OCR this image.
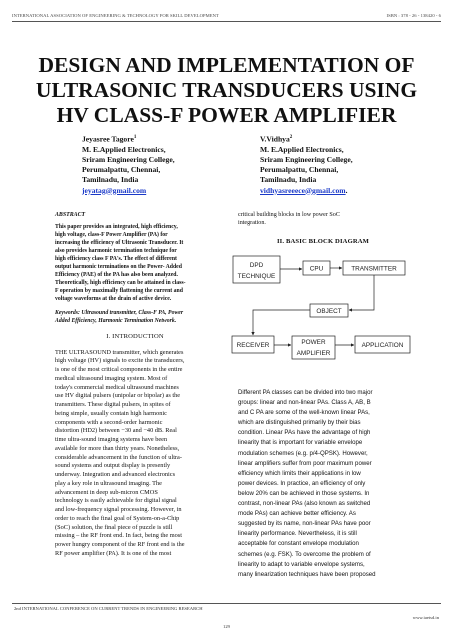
INTERNATIONAL ASSOCIATION OF ENGINEERING & TECHNOLOGY FOR SKILL DEVELOPMENT	ISBN : 378 - 26 - 138420 - 6
DESIGN AND IMPLEMENTATION OF
ULTRASONIC TRANSDUCERS USING
HV CLASS-F POWER AMPLIFIER
Jeyasree Tagore$^1$
M. E.Applied Electronics,
Sriram Engineering College,
Perumalpattu, Chennai,
Tamilnadu, India
jeyatag@gmail.com
V.Vidhya$^2$
M. E.Applied Electronics,
Sriram Engineering College,
Perumalpattu, Chennai,
Tamilnadu, India
vidhyasreeece@gmail.com.
ABSTRACT
This paper provides an integrated, high efficiency,
high voltage, class-F Power Amplifier (PA) for
increasing the efficiency of Ultrasonic Transducer. It
also provides harmonic termination technique for
high efficiency class F PA's. The effect of different
output harmonic terminations on the Power- Added
Efficiency (PAE) of the PA has also been analyzed.
Theoretically, high efficiency can be attained in class-
F operation by maximally flattening the current and
voltage waveforms at the drain of active device.
Keywords: Ultrasound transmitter, Class-F PA, Power
Added Efficiency, Harmonic Termination Network.
I. INTRODUCTION
THE ULTRASOUND transmitter, which generates
high voltage (HV) signals to excite the transducers,
is one of the most critical components in the entire
medical ultrasound imaging system. Most of
today's commercial medical ultrasound machines
use HV digital pulsers (unipolar or bipolar) as the
transmitters. These digital pulsers, in spites of
being simple, usually contain high harmonic
components with a second-order harmonic
distortion (HD2) between −30 and −40 dB. Real
time ultra-sound imaging systems have been
available for more than thirty years. Nonetheless,
considerable advancement in the function of ultra-
sound systems and output display is presently
underway. Integration and advanced electronics
play a key role in ultrasound imaging. The
advancement in deep sub-micron CMOS
technology is easily achievable for digital signal
and low-frequency signal processing. However, in
order to reach the final goal of System-on-a-Chip
(SoC) solution, the final piece of puzzle is still
missing – the RF front end. In fact, being the most
power hungry component of the RF front end is the
RF power amplifier (PA). It is one of the most
critical building blocks in low power SoC
integration.
II. BASIC BLOCK DIAGRAM
DPD
TECHNIQUE
CPU	TRANSMITTER
OBJECT
RECEIVER	POWER
AMPLIFIER
APPLICATION
Different PA classes can be divided into two major
groups: linear and non-linear PAs. Class A, AB, B
and C PA are some of the well-known linear PAs,
which are distinguished primarily by their bias
condition. Linear PAs have the advantage of high
linearity that is important for variable envelope
modulation schemes (e.g. p/4-QPSK). However,
linear amplifiers suffer from poor maximum power
efficiency which limits their applications in low
power devices. In practice, an efficiency of only
below 20% can be achieved in those systems. In
contrast, non-linear PAs (also known as switched
mode PAs) can achieve better efficiency. As
suggested by its name, non-linear PAs have poor
linearity performance. Nevertheless, it is still
acceptable for constant envelope modulation
schemes (e.g. FSK). To overcome the problem of
linearity to adapt to variable envelope systems,
many linearization techniques have been proposed
2nd INTERNATIONAL CONFERENCE ON CURRENT TRENDS IN ENGINEERING RESEARCH
www.iaetsd.in
129
